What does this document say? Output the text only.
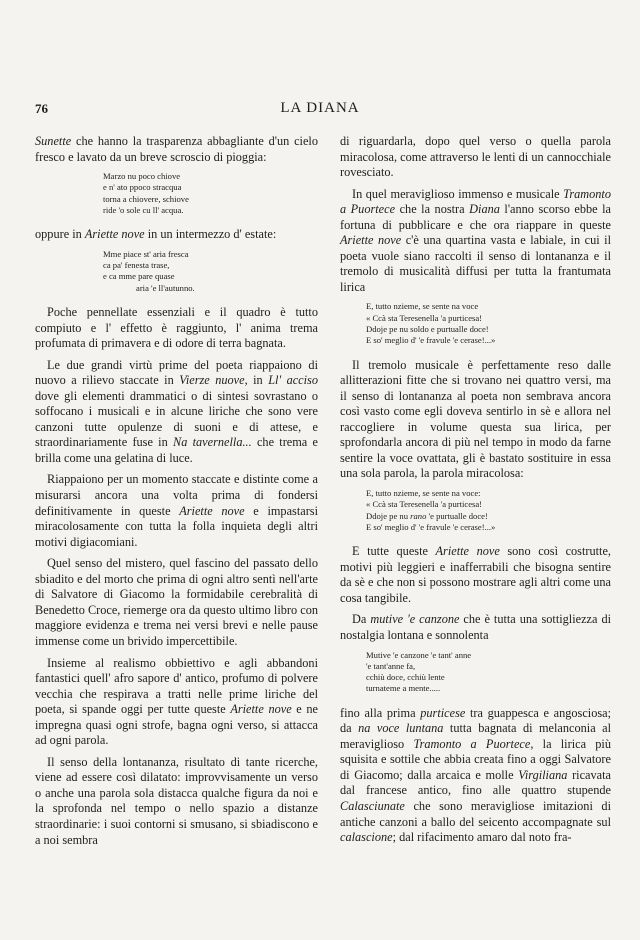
76	LA DIANA

Sunette che hanno la trasparenza abbagliante d'un cielo fresco e lavato da un breve scroscio di pioggia:

Marzo nu poco chiove
e n' ato ppoco stracqua
torna a chiovere, schiove
ride 'o sole cu ll' acqua.

oppure in Ariette nove in un intermezzo d' estate:

Mme piace st' aria fresca
ca pa' fenesta trase,
e ca mme pare quase
aria 'e ll'autunno.

Poche pennellate essenziali e il quadro è tutto compiuto e l' effetto è raggiunto, l' anima trema profumata di primavera e di odore di terra bagnata.

Le due grandi virtù prime del poeta riappaiono di nuovo a rilievo staccate in Vierze nuove, in Ll' acciso dove gli elementi drammatici o di sintesi sovrastano o soffocano i musicali e in alcune liriche che sono vere canzoni tutte opulenze di suoni e di attese, e straordinariamente fuse in Na tavernella... che trema e brilla come una gelatina di luce.

Riappaiono per un momento staccate e distinte come a misurarsi ancora una volta prima di fondersi definitivamente in queste Ariette nove e impastarsi miracolosamente con tutta la folla inquieta degli altri motivi digiacomiani.

Quel senso del mistero, quel fascino del passato dello sbiadito e del morto che prima di ogni altro sentì nell'arte di Salvatore di Giacomo la formidabile cerebralità di Benedetto Croce, riemerge ora da questo ultimo libro con maggiore evidenza e trema nei versi brevi e nelle pause immense come un brivido impercettibile.

Insieme al realismo obbiettivo e agli abbandoni fantastici quell' afro sapore d' antico, profumo di polvere vecchia che respirava a tratti nelle prime liriche del poeta, si spande oggi per tutte queste Ariette nove e ne impregna quasi ogni strofe, bagna ogni verso, si attacca ad ogni parola.

Il senso della lontananza, risultato di tante ricerche, viene ad essere così dilatato: improvvisamente un verso o anche una parola sola distacca qualche figura da noi e la sprofonda nel tempo o nello spazio a distanze straordinarie: i suoi contorni si smusano, si sbiadiscono e a noi sembra

di riguardarla, dopo quel verso o quella parola miracolosa, come attraverso le lenti di un cannocchiale rovesciato.

In quel meraviglioso immenso e musicale Tramonto a Puortece che la nostra Diana l'anno scorso ebbe la fortuna di pubblicare e che ora riappare in queste Ariette nove c'è una quartina vasta e labiale, in cui il poeta vuole siano raccolti il senso di lontananza e il tremolo di musicalità diffusi per tutta la frantumata lirica

E, tutto nzieme, se sente na voce
« Ccà sta Teresenella 'a purticesa!
Ddoje pe nu soldo e purtualle doce!
E so' meglio d' 'e fravule 'e cerase!...»

Il tremolo musicale è perfettamente reso dalle allitterazioni fitte che si trovano nei quattro versi, ma il senso di lontananza al poeta non sembrava ancora così vasto come egli doveva sentirlo in sè e allora nel raccogliere in volume questa sua lirica, per sprofondarla ancora di più nel tempo in modo da farne sentire la voce ovattata, gli è bastato sostituire in essa una sola parola, la parola miracolosa:

E, tutto nzieme, se sente na voce:
« Ccà sta Teresenella 'a purticesa!
Ddoje pe nu rano 'e purtualle doce!
E so' meglio d' 'e fravule 'e cerase!...»

E tutte queste Ariette nove sono così costrutte, motivi più leggieri e inafferrabili che bisogna sentire da sè e che non si possono mostrare agli altri come una cosa tangibile.

Da mutive 'e canzone che è tutta una sottigliezza di nostalgia lontana e sonnolenta

Mutive 'e canzone 'e tant' anne
'e tant'anne fa,
cchiù doce, cchiù lente
turnateme a mente.....

fino alla prima purticese tra guappesca e angosciosa; da na voce luntana tutta bagnata di melanconia al meraviglioso Tramonto a Puortece, la lirica più squisita e sottile che abbia creata fino a oggi Salvatore di Giacomo; dalla arcaica e molle Virgiliana ricavata dal francese antico, fino alle quattro stupende Calasciunate che sono meravigliose imitazioni di antiche canzoni a ballo del seicento accompagnate sul calascione; dal rifacimento amaro dal noto fra-
